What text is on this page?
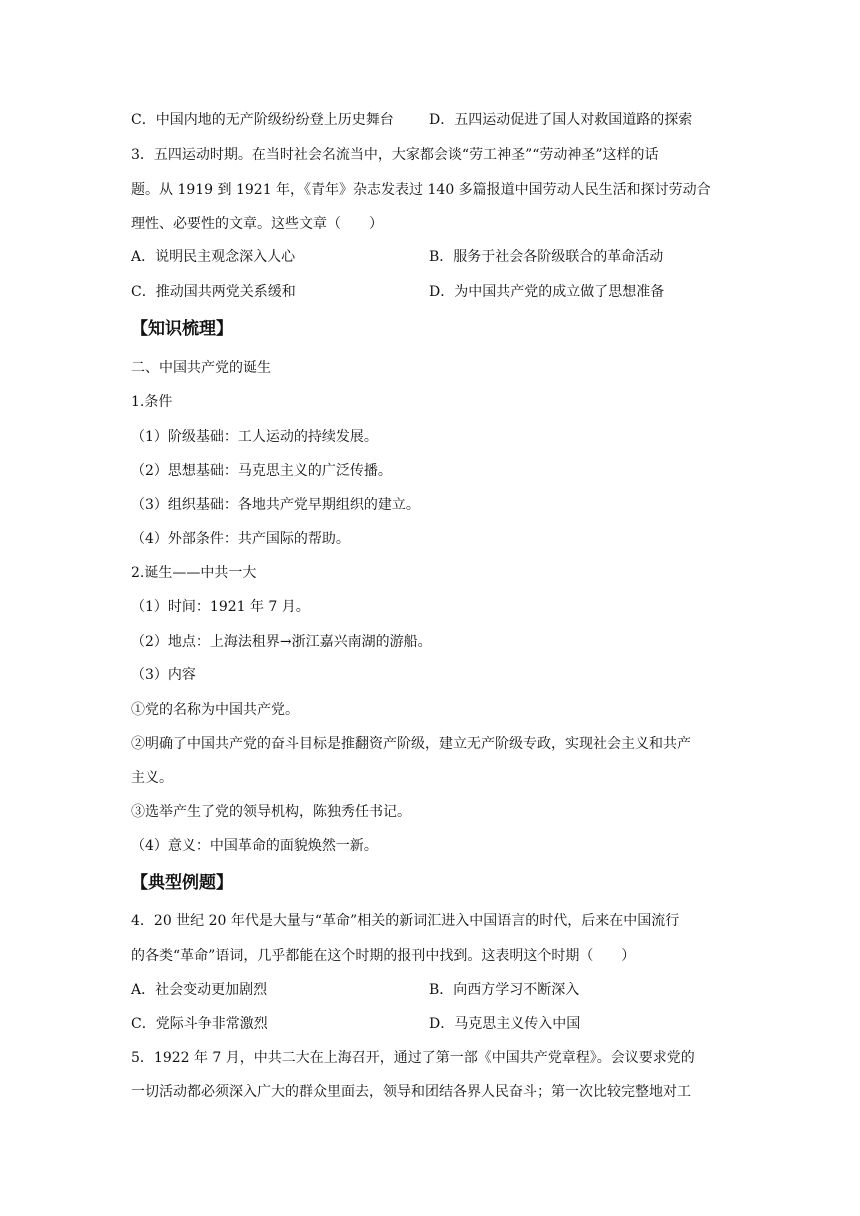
C．中国内地的无产阶级纷纷登上历史舞台	D．五四运动促进了国人对救国道路的探索
3．五四运动时期。在当时社会名流当中，大家都会谈“劳工神圣”“劳动神圣”这样的话
题。从 1919 到 1921 年，《青年》杂志发表过 140 多篇报道中国劳动人民生活和探讨劳动合
理性、必要性的文章。这些文章（　　）
A．说明民主观念深入人心	B．服务于社会各阶级联合的革命活动
C．推动国共两党关系缓和	D．为中国共产党的成立做了思想准备
【知识梳理】
二、中国共产党的诞生
1.条件
（1）阶级基础：工人运动的持续发展。
（2）思想基础：马克思主义的广泛传播。
（3）组织基础：各地共产党早期组织的建立。
（4）外部条件：共产国际的帮助。
2.诞生——中共一大
（1）时间：1921 年 7 月。
（2）地点：上海法租界→浙江嘉兴南湖的游船。
（3）内容
①党的名称为中国共产党。
②明确了中国共产党的奋斗目标是推翻资产阶级，建立无产阶级专政，实现社会主义和共产
主义。
③选举产生了党的领导机构，陈独秀任书记。
（4）意义：中国革命的面貌焕然一新。
【典型例题】
4．20 世纪 20 年代是大量与“革命”相关的新词汇进入中国语言的时代，后来在中国流行
的各类“革命”语词，几乎都能在这个时期的报刊中找到。这表明这个时期（　　）
A．社会变动更加剧烈	B．向西方学习不断深入
C．党际斗争非常激烈	D．马克思主义传入中国
5．1922 年 7 月，中共二大在上海召开，通过了第一部《中国共产党章程》。会议要求党的
一切活动都必须深入广大的群众里面去，领导和团结各界人民奋斗；第一次比较完整地对工
